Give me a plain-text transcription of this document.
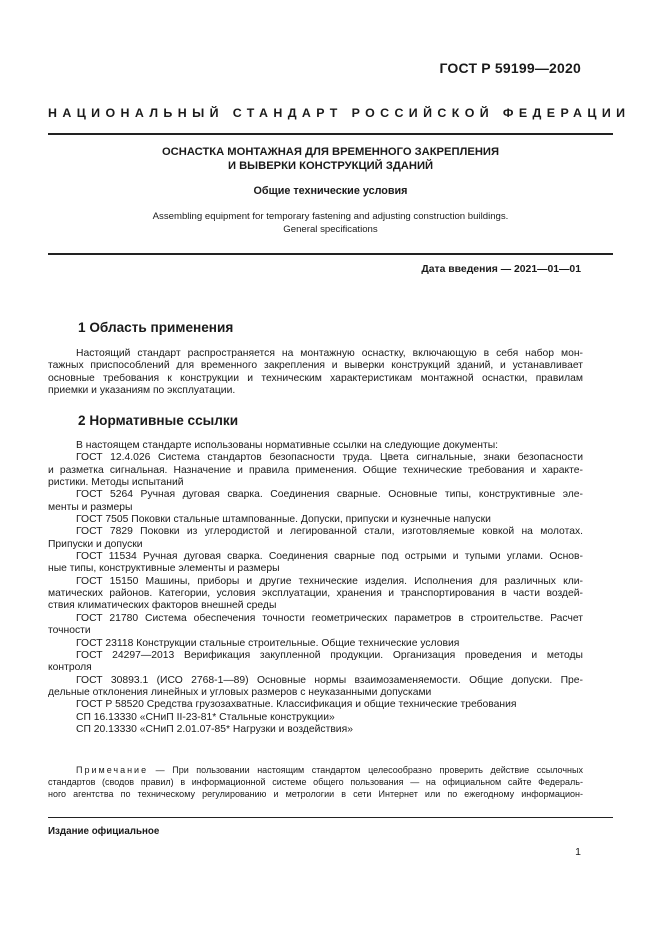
ГОСТ Р 59199—2020
НАЦИОНАЛЬНЫЙ СТАНДАРТ РОССИЙСКОЙ ФЕДЕРАЦИИ
ОСНАСТКА МОНТАЖНАЯ ДЛЯ ВРЕМЕННОГО ЗАКРЕПЛЕНИЯ
И ВЫВЕРКИ КОНСТРУКЦИЙ ЗДАНИЙ
Общие технические условия
Assembling equipment for temporary fastening and adjusting construction buildings.
General specifications
Дата введения — 2021—01—01
1 Область применения
Настоящий стандарт распространяется на монтажную оснастку, включающую в себя набор мон-
тажных приспособлений для временного закрепления и выверки конструкций зданий, и устанавливает
основные требования к конструкции и техническим характеристикам монтажной оснастки, правилам
приемки и указаниям по эксплуатации.
2 Нормативные ссылки
В настоящем стандарте использованы нормативные ссылки на следующие документы:
ГОСТ 12.4.026 Система стандартов безопасности труда. Цвета сигнальные, знаки безопасности
и разметка сигнальная. Назначение и правила применения. Общие технические требования и характе-
ристики. Методы испытаний
ГОСТ 5264 Ручная дуговая сварка. Соединения сварные. Основные типы, конструктивные эле-
менты и размеры
ГОСТ 7505 Поковки стальные штампованные. Допуски, припуски и кузнечные напуски
ГОСТ 7829 Поковки из углеродистой и легированной стали, изготовляемые ковкой на молотах.
Припуски и допуски
ГОСТ 11534 Ручная дуговая сварка. Соединения сварные под острыми и тупыми углами. Основ-
ные типы, конструктивные элементы и размеры
ГОСТ 15150 Машины, приборы и другие технические изделия. Исполнения для различных кли-
матических районов. Категории, условия эксплуатации, хранения и транспортирования в части воздей-
ствия климатических факторов внешней среды
ГОСТ 21780 Система обеспечения точности геометрических параметров в строительстве. Расчет
точности
ГОСТ 23118 Конструкции стальные строительные. Общие технические условия
ГОСТ 24297—2013 Верификация закупленной продукции. Организация проведения и методы
контроля
ГОСТ 30893.1 (ИСО 2768-1—89) Основные нормы взаимозаменяемости. Общие допуски. Пре-
дельные отклонения линейных и угловых размеров с неуказанными допусками
ГОСТ Р 58520 Средства грузозахватные. Классификация и общие технические требования
СП 16.13330 «СНиП II-23-81* Стальные конструкции»
СП 20.13330 «СНиП 2.01.07-85* Нагрузки и воздействия»
Примечание — При пользовании настоящим стандартом целесообразно проверить действие ссылочных
стандартов (сводов правил) в информационной системе общего пользования — на официальном сайте Федераль-
ного агентства по техническому регулированию и метрологии в сети Интернет или по ежегодному информацион-
Издание официальное
1
